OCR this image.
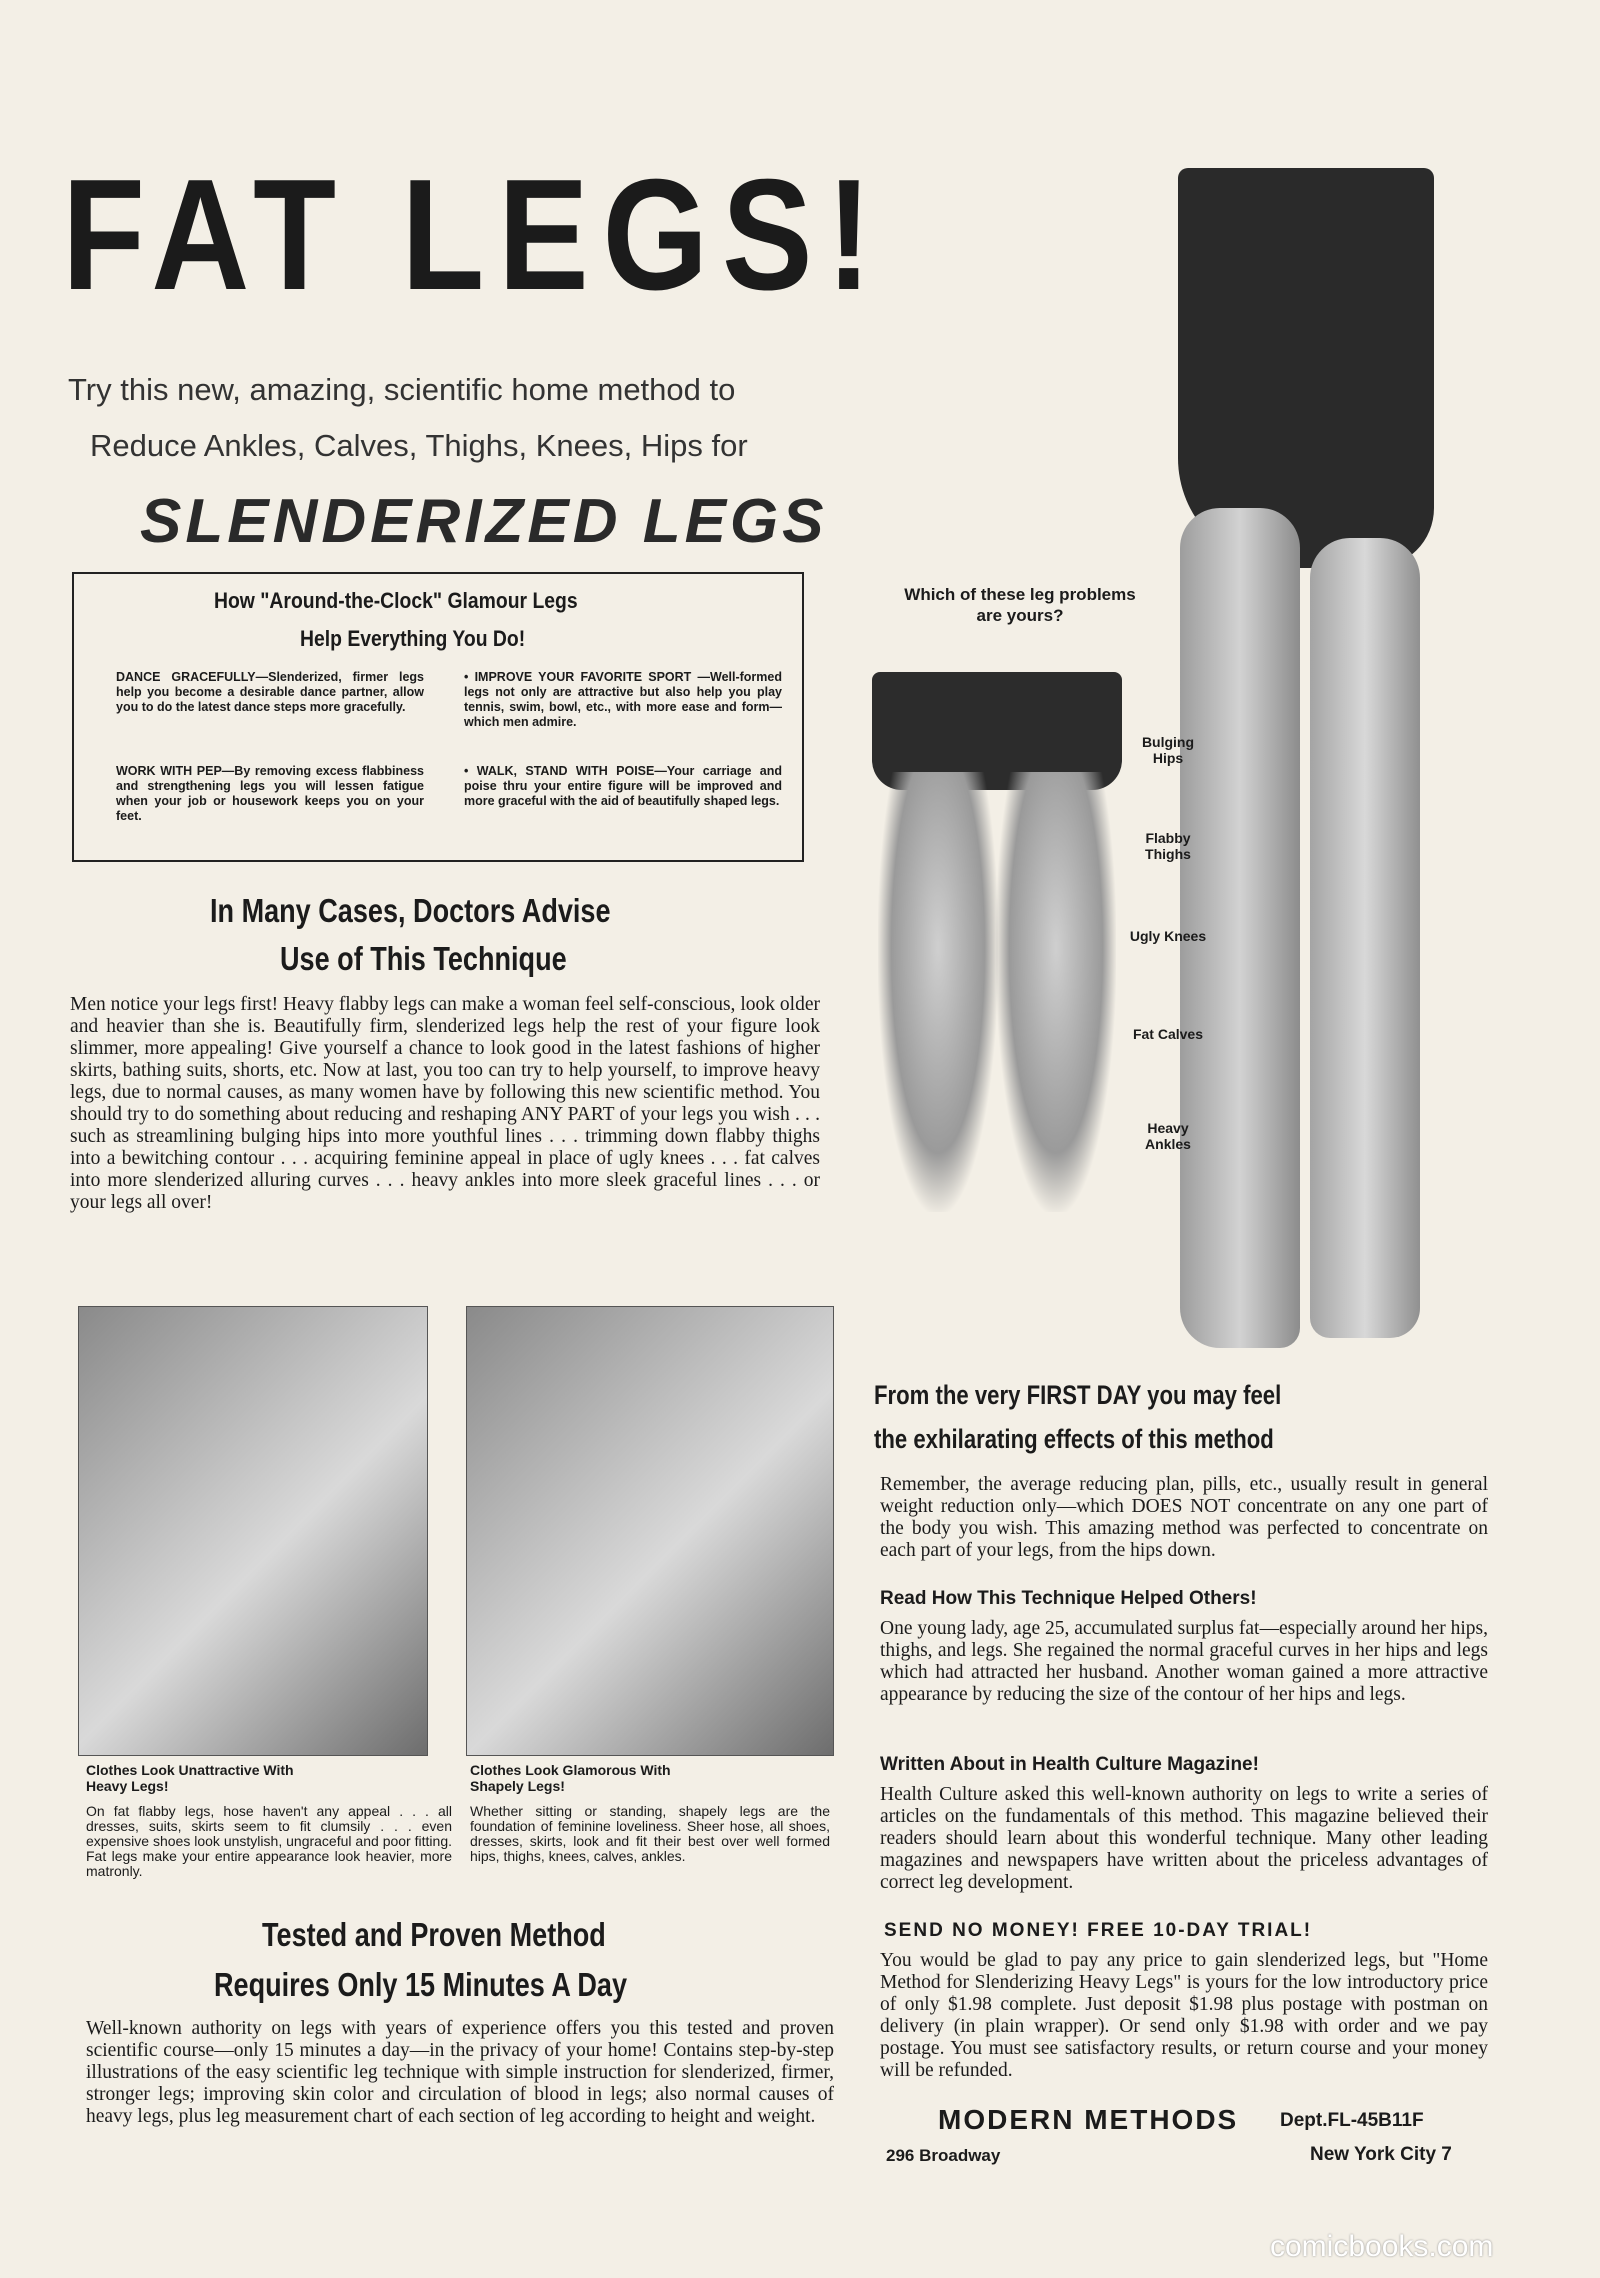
FAT LEGS!
Try this new, amazing, scientific home method to
Reduce Ankles, Calves, Thighs, Knees, Hips for
SLENDERIZED LEGS
How "Around-the-Clock" Glamour Legs
Help Everything You Do!
DANCE GRACEFULLY—Slenderized, firmer legs help you become a desirable dance partner, allow you to do the latest dance steps more gracefully.
• IMPROVE YOUR FAVORITE SPORT —Well-formed legs not only are attractive but also help you play tennis, swim, bowl, etc., with more ease and form—which men admire.
WORK WITH PEP—By removing excess flabbiness and strengthening legs you will lessen fatigue when your job or housework keeps you on your feet.
• WALK, STAND WITH POISE—Your carriage and poise thru your entire figure will be improved and more graceful with the aid of beautifully shaped legs.
In Many Cases, Doctors Advise
Use of This Technique
Men notice your legs first! Heavy flabby legs can make a woman feel self-conscious, look older and heavier than she is. Beautifully firm, slenderized legs help the rest of your figure look slimmer, more appealing! Give yourself a chance to look good in the latest fashions of higher skirts, bathing suits, shorts, etc. Now at last, you too can try to help yourself, to improve heavy legs, due to normal causes, as many women have by following this new scientific method. You should try to do something about reducing and reshaping ANY PART of your legs you wish . . . such as streamlining bulging hips into more youthful lines . . . trimming down flabby thighs into a bewitching contour . . . acquiring feminine appeal in place of ugly knees . . . fat calves into more slenderized alluring curves . . . heavy ankles into more sleek graceful lines . . . or your legs all over!
Clothes Look Unattractive With Heavy Legs!
On fat flabby legs, hose haven't any appeal . . . all dresses, suits, skirts seem to fit clumsily . . . even expensive shoes look unstylish, ungraceful and poor fitting. Fat legs make your entire appearance look heavier, more matronly.
Clothes Look Glamorous With Shapely Legs!
Whether sitting or standing, shapely legs are the foundation of feminine loveliness. Sheer hose, all shoes, dresses, skirts, look and fit their best over well formed hips, thighs, knees, calves, ankles.
Tested and Proven Method
Requires Only 15 Minutes A Day
Well-known authority on legs with years of experience offers you this tested and proven scientific course—only 15 minutes a day—in the privacy of your home! Contains step-by-step illustrations of the easy scientific leg technique with simple instruction for slenderized, firmer, stronger legs; improving skin color and circulation of blood in legs; also normal causes of heavy legs, plus leg measurement chart of each section of leg according to height and weight.
Which of these leg problems are yours?
Bulging Hips
Flabby Thighs
Ugly Knees
Fat Calves
Heavy Ankles
From the very FIRST DAY you may feel
the exhilarating effects of this method
Remember, the average reducing plan, pills, etc., usually result in general weight reduction only—which DOES NOT concentrate on any one part of the body you wish. This amazing method was perfected to concentrate on each part of your legs, from the hips down.
Read How This Technique Helped Others!
One young lady, age 25, accumulated surplus fat—especially around her hips, thighs, and legs. She regained the normal graceful curves in her hips and legs which had attracted her husband. Another woman gained a more attractive appearance by reducing the size of the contour of her hips and legs.
Written About in Health Culture Magazine!
Health Culture asked this well-known authority on legs to write a series of articles on the fundamentals of this method. This magazine believed their readers should learn about this wonderful technique. Many other leading magazines and newspapers have written about the priceless advantages of correct leg development.
SEND NO MONEY! FREE 10-DAY TRIAL!
You would be glad to pay any price to gain slenderized legs, but "Home Method for Slenderizing Heavy Legs" is yours for the low introductory price of only $1.98 complete. Just deposit $1.98 plus postage with postman on delivery (in plain wrapper). Or send only $1.98 with order and we pay postage. You must see satisfactory results, or return course and your money will be refunded.
MODERN METHODS Dept.FL-45B11F
296 Broadway	New York City 7
comicbooks.com
